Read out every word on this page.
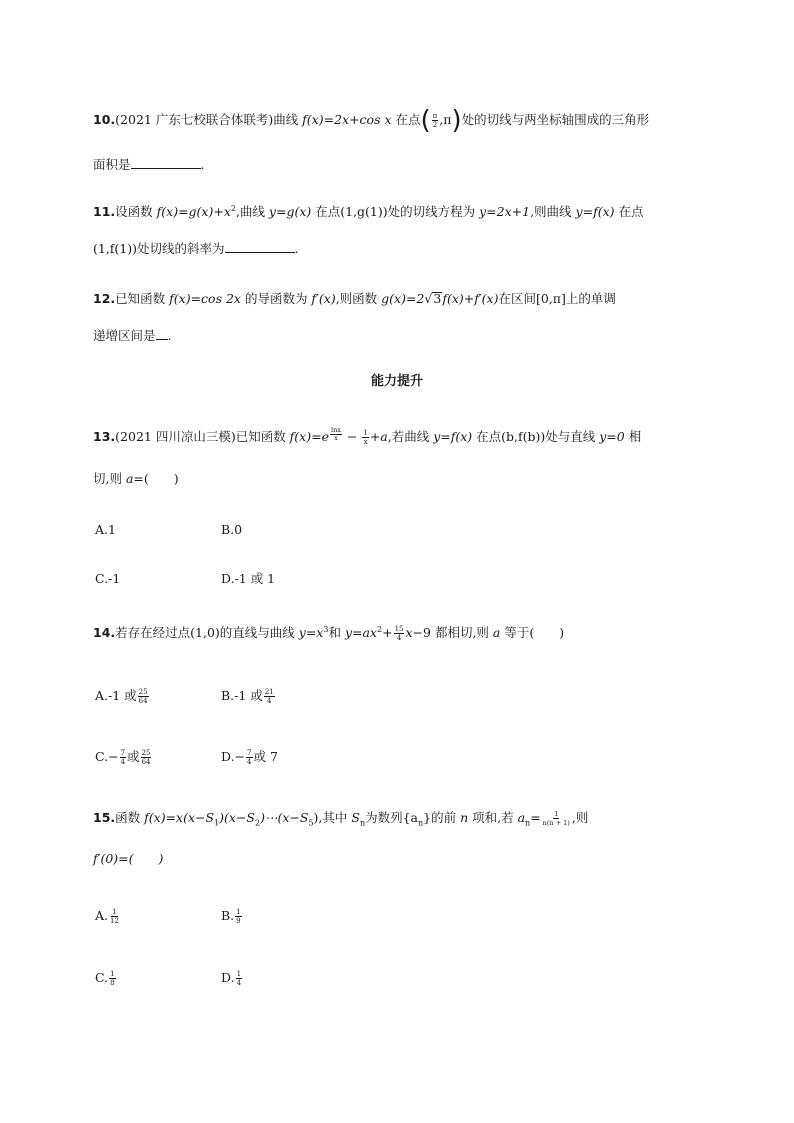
10.(2021 广东七校联合体联考)曲线 f(x)=2x+cos x 在点( $\frac{\pi}{2} ,\pi$)处的切线与两坐标轴围成的三角形
面积是	.
11.设函数 $f(x)=g(x)+x^2$,曲线 y=g(x) 在点(1,g(1))处的切线方程为 y=2x+1,则曲线 y=f(x) 在点
(1,f(1))处切线的斜率为	.
12.已知函数 f(x)=cos 2x 的导函数为 f′(x),则函数 g(x)=2√3f(x)+f′(x)在区间[0,π]上的单调
递增区间是 .
能力提升
13.(2021 四川凉山三模)已知函数 $f(x)=e \frac{\ln x}{x} - \frac{1}{x} +a$,若曲线 y=f(x) 在点(b,f(b))处与直线 y=0 相
切,则 a=(　　)
A.1	B.0
C.-1	D.-1 或 1
14.若存在经过点(1,0)的直线与曲线 $y=x^3$和 $y=ax^2+ \frac{15}{4} x-9$ 都相切,则 a 等于(　　)
A.-1 或 $\frac{25}{64}$	B.-1 或 $\frac{21}{4}$
$C.- \frac{7}{4}$ 或 $\frac{25}{64}$	$D.- \frac{7}{4}$ 或 7
15.函数 $f(x)=x(x-S_1)(x-S_2)\cdots(x-S_5)$,其中 $S_n$为数列$\{a_n\}$的前 n 项和,若 $a_n= \frac{1}{n(n + 1)}$ ,则
f′(0)=(　　)
A. $\frac{1}{12}$	B. $\frac{1}{9}$
C. $\frac{1}{8}$	D. $\frac{1}{4}$
